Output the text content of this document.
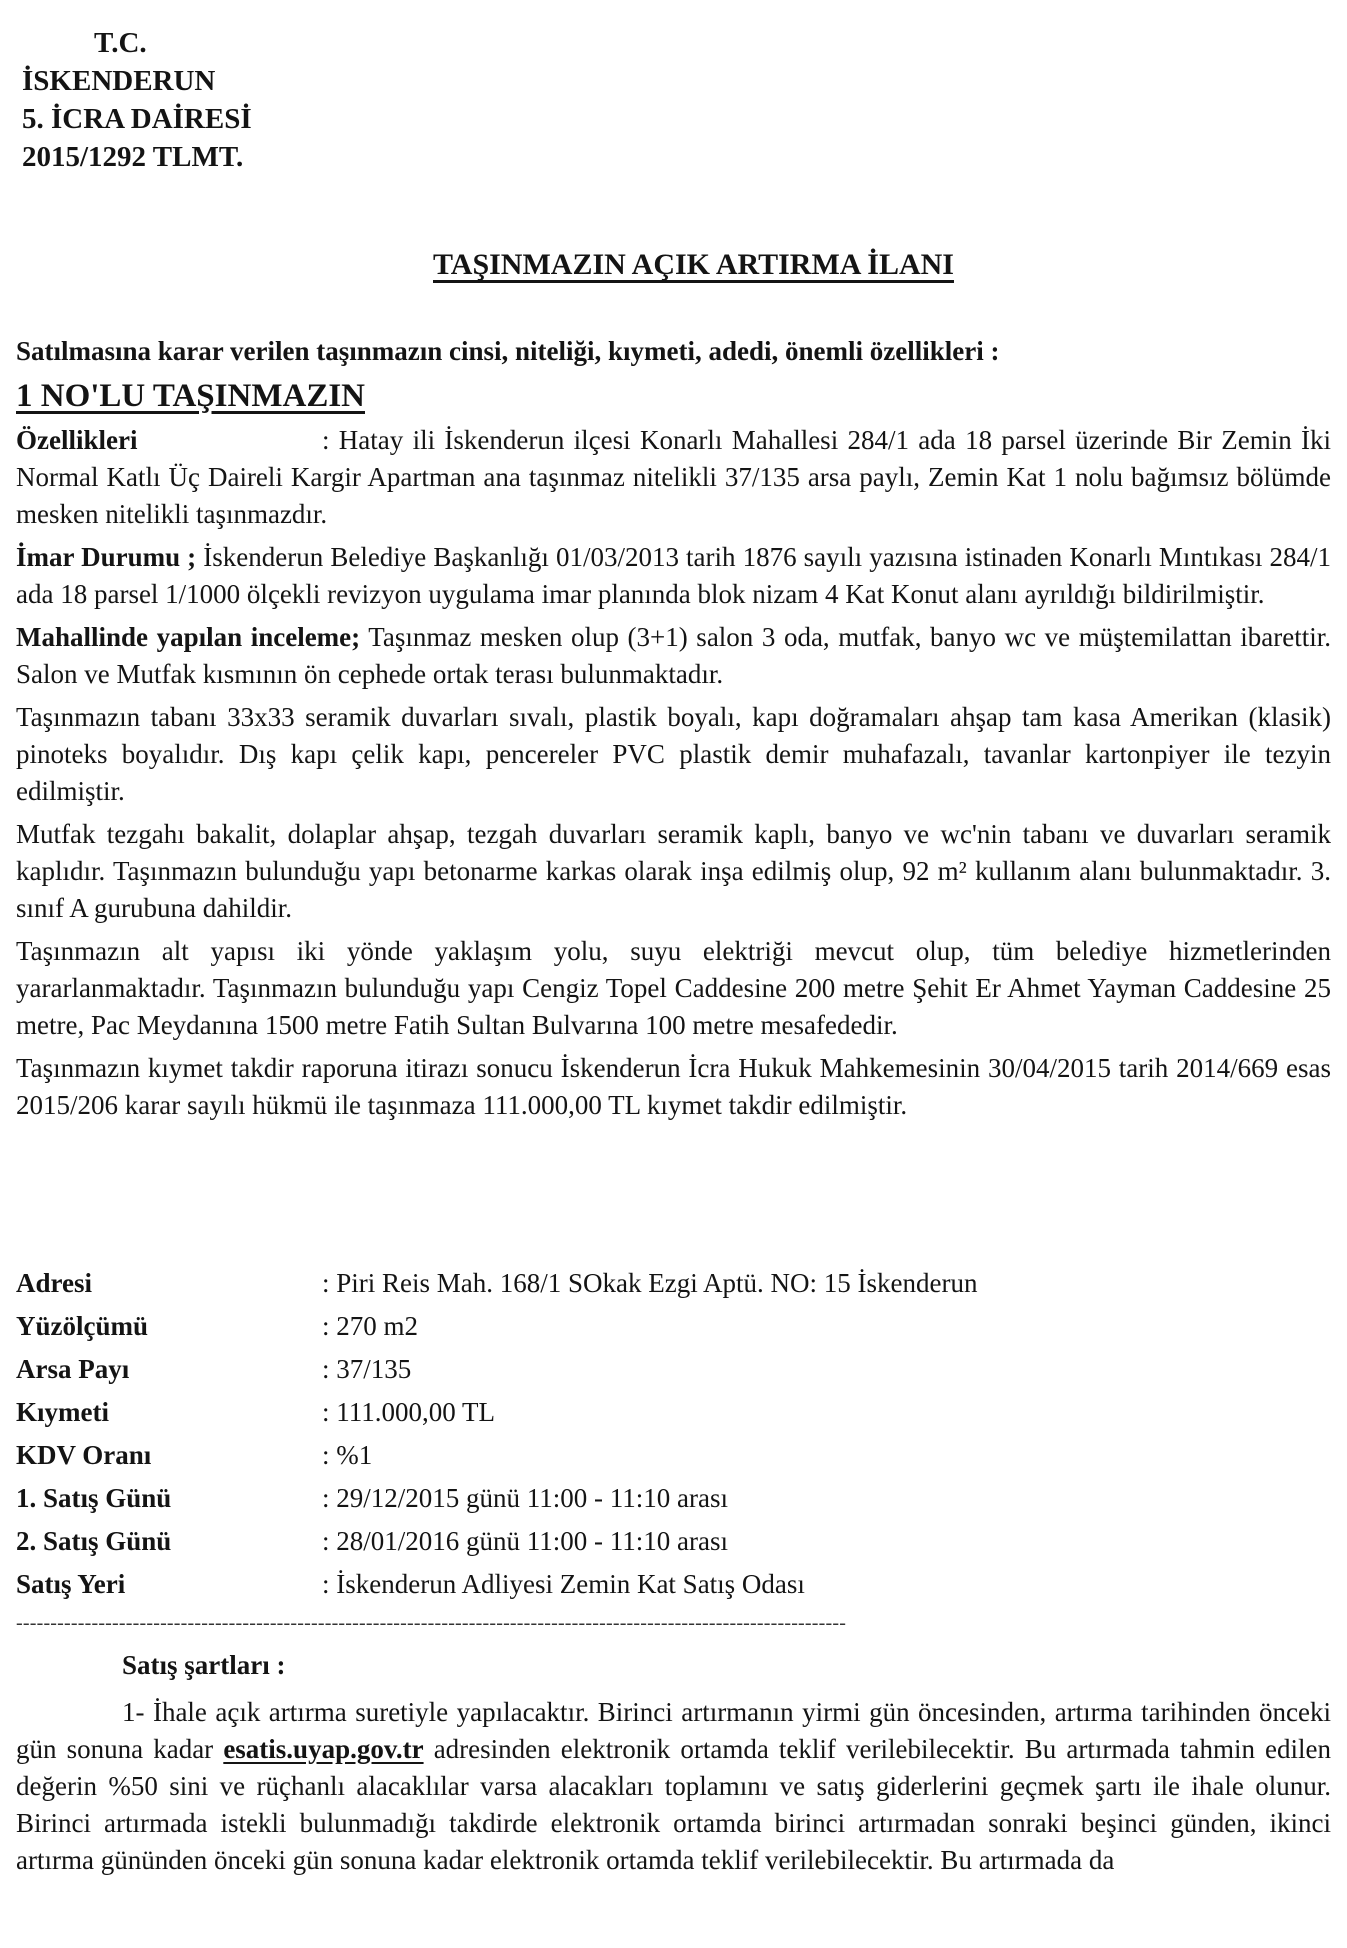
T.C.
İSKENDERUN
5. İCRA DAİRESİ
2015/1292 TLMT.
TAŞINMAZIN AÇIK ARTIRMA İLANI
Satılmasına karar verilen taşınmazın cinsi, niteliği, kıymeti, adedi, önemli özellikleri :
1 NO'LU TAŞINMAZIN
Özellikleri	: Hatay ili İskenderun ilçesi Konarlı Mahallesi 284/1 ada 18 parsel üzerinde Bir Zemin İki Normal Katlı Üç Daireli Kargir Apartman ana taşınmaz nitelikli 37/135 arsa paylı, Zemin Kat 1 nolu bağımsız bölümde mesken nitelikli taşınmazdır.
İmar Durumu ; İskenderun Belediye Başkanlığı 01/03/2013 tarih 1876 sayılı yazısına istinaden Konarlı Mıntıkası 284/1 ada 18 parsel 1/1000 ölçekli revizyon uygulama imar planında blok nizam 4 Kat Konut alanı ayrıldığı bildirilmiştir.
Mahallinde yapılan inceleme; Taşınmaz mesken olup (3+1) salon 3 oda, mutfak, banyo wc ve müştemilattan ibarettir. Salon ve Mutfak kısmının ön cephede ortak terası bulunmaktadır.
Taşınmazın tabanı 33x33 seramik duvarları sıvalı, plastik boyalı, kapı doğramaları ahşap tam kasa Amerikan (klasik) pinoteks boyalıdır. Dış kapı çelik kapı, pencereler PVC plastik demir muhafazalı, tavanlar kartonpiyer ile tezyin edilmiştir.
Mutfak tezgahı bakalit, dolaplar ahşap, tezgah duvarları seramik kaplı, banyo ve wc'nin tabanı ve duvarları seramik kaplıdır. Taşınmazın bulunduğu yapı betonarme karkas olarak inşa edilmiş olup, 92 m² kullanım alanı bulunmaktadır. 3. sınıf A gurubuna dahildir.
Taşınmazın alt yapısı iki yönde yaklaşım yolu, suyu elektriği mevcut olup, tüm belediye hizmetlerinden yararlanmaktadır. Taşınmazın bulunduğu yapı Cengiz Topel Caddesine 200 metre Şehit Er Ahmet Yayman Caddesine 25 metre, Pac Meydanına 1500 metre Fatih Sultan Bulvarına 100 metre mesafededir.
Taşınmazın kıymet takdir raporuna itirazı sonucu İskenderun İcra Hukuk Mahkemesinin 30/04/2015 tarih 2014/669 esas 2015/206 karar sayılı hükmü ile taşınmaza 111.000,00 TL kıymet takdir edilmiştir.
Adresi	: Piri Reis Mah. 168/1 SOkak Ezgi Aptü. NO: 15 İskenderun
Yüzölçümü	: 270 m2
Arsa Payı	: 37/135
Kıymeti	: 111.000,00 TL
KDV Oranı	: %1
1. Satış Günü	: 29/12/2015 günü 11:00 - 11:10 arası
2. Satış Günü	: 28/01/2016 günü 11:00 - 11:10 arası
Satış Yeri	: İskenderun Adliyesi Zemin Kat Satış Odası
-------------------------------------------------------------------------------------------------------------------------
Satış şartları :
1- İhale açık artırma suretiyle yapılacaktır. Birinci artırmanın yirmi gün öncesinden, artırma tarihinden önceki gün sonuna kadar esatis.uyap.gov.tr adresinden elektronik ortamda teklif verilebilecektir. Bu artırmada tahmin edilen değerin %50 sini ve rüçhanlı alacaklılar varsa alacakları toplamını ve satış giderlerini geçmek şartı ile ihale olunur. Birinci artırmada istekli bulunmadığı takdirde elektronik ortamda birinci artırmadan sonraki beşinci günden, ikinci artırma gününden önceki gün sonuna kadar elektronik ortamda teklif verilebilecektir. Bu artırmada da
